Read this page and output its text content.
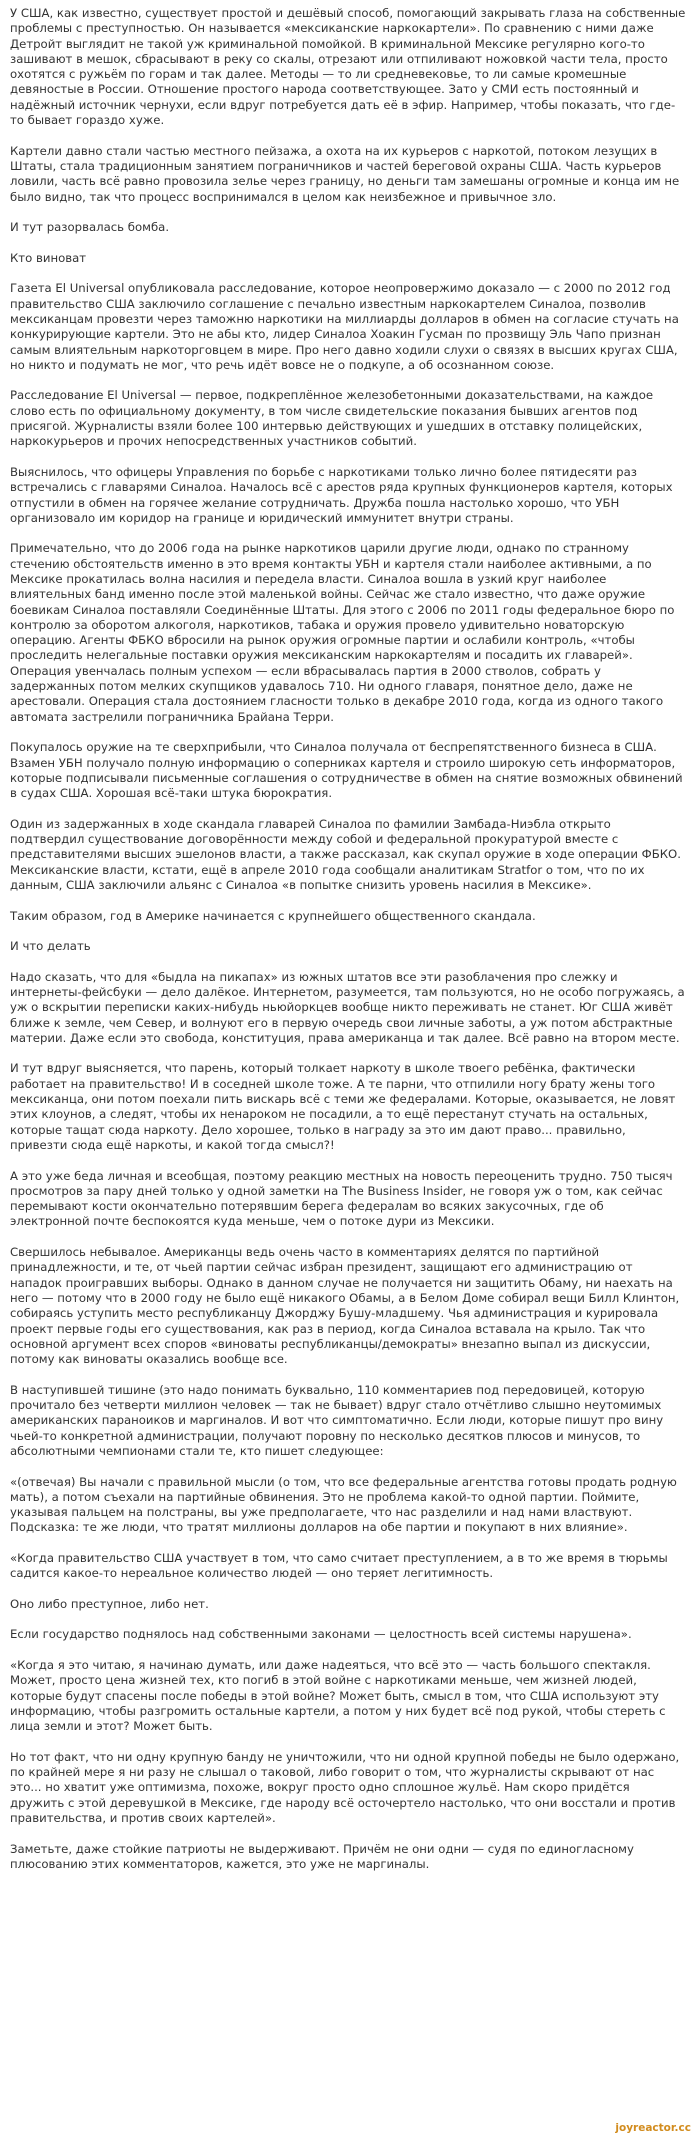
У США, как известно, существует простой и дешёвый способ, помогающий закрывать глаза на собственные проблемы с преступностью. Он называется «мексиканские наркокартели». По сравнению с ними даже Детройт выглядит не такой уж криминальной помойкой. В криминальной Мексике регулярно кого-то зашивают в мешок, сбрасывают в реку со скалы, отрезают или отпиливают ножовкой части тела, просто охотятся с ружьём по горам и так далее. Методы — то ли средневековье, то ли самые кромешные девяностые в России. Отношение простого народа соответствующее. Зато у СМИ есть постоянный и надёжный источник чернухи, если вдруг потребуется дать её в эфир. Например, чтобы показать, что где-то бывает гораздо хуже.

Картели давно стали частью местного пейзажа, а охота на их курьеров с наркотой, потоком лезущих в Штаты, стала традиционным занятием пограничников и частей береговой охраны США. Часть курьеров ловили, часть всё равно провозила зелье через границу, но деньги там замешаны огромные и конца им не было видно, так что процесс воспринимался в целом как неизбежное и привычное зло.

И тут разорвалась бомба.

Кто виноват

Газета El Universal опубликовала расследование, которое неопровержимо доказало — с 2000 по 2012 год правительство США заключило соглашение с печально известным наркокартелем Синалоа, позволив мексиканцам провезти через таможню наркотики на миллиарды долларов в обмен на согласие стучать на конкурирующие картели. Это не абы кто, лидер Синалоа Хоакин Гусман по прозвищу Эль Чапо признан самым влиятельным наркоторговцем в мире. Про него давно ходили слухи о связях в высших кругах США, но никто и подумать не мог, что речь идёт вовсе не о подкупе, а об осознанном союзе.

Расследование El Universal — первое, подкреплённое железобетонными доказательствами, на каждое слово есть по официальному документу, в том числе свидетельские показания бывших агентов под присягой. Журналисты взяли более 100 интервью действующих и ушедших в отставку полицейских, наркокурьеров и прочих непосредственных участников событий.

Выяснилось, что офицеры Управления по борьбе с наркотиками только лично более пятидесяти раз встречались с главарями Синалоа. Началось всё с арестов ряда крупных функционеров картеля, которых отпустили в обмен на горячее желание сотрудничать. Дружба пошла настолько хорошо, что УБН организовало им коридор на границе и юридический иммунитет внутри страны.

Примечательно, что до 2006 года на рынке наркотиков царили другие люди, однако по странному стечению обстоятельств именно в это время контакты УБН и картеля стали наиболее активными, а по Мексике прокатилась волна насилия и передела власти. Синалоа вошла в узкий круг наиболее влиятельных банд именно после этой маленькой войны. Сейчас же стало известно, что даже оружие боевикам Синалоа поставляли Соединённые Штаты. Для этого с 2006 по 2011 годы федеральное бюро по контролю за оборотом алкоголя, наркотиков, табака и оружия провело удивительно новаторскую операцию. Агенты ФБКО вбросили на рынок оружия огромные партии и ослабили контроль, «чтобы проследить нелегальные поставки оружия мексиканским наркокартелям и посадить их главарей». Операция увенчалась полным успехом — если вбрасывалась партия в 2000 стволов, собрать у задержанных потом мелких скупщиков удавалось 710. Ни одного главаря, понятное дело, даже не арестовали. Операция стала достоянием гласности только в декабре 2010 года, когда из одного такого автомата застрелили пограничника Брайана Терри.

Покупалось оружие на те сверхприбыли, что Синалоа получала от беспрепятственного бизнеса в США. Взамен УБН получало полную информацию о соперниках картеля и строило широкую сеть информаторов, которые подписывали письменные соглашения о сотрудничестве в обмен на снятие возможных обвинений в судах США. Хорошая всё-таки штука бюрократия.

Один из задержанных в ходе скандала главарей Синалоа по фамилии Замбада-Ниэбла открыто подтвердил существование договорённости между собой и федеральной прокуратурой вместе с представителями высших эшелонов власти, а также рассказал, как скупал оружие в ходе операции ФБКО. Мексиканские власти, кстати, ещё в апреле 2010 года сообщали аналитикам Stratfor о том, что по их данным, США заключили альянс с Синалоа «в попытке снизить уровень насилия в Мексике».

Таким образом, год в Америке начинается с крупнейшего общественного скандала.

И что делать

Надо сказать, что для «быдла на пикапах» из южных штатов все эти разоблачения про слежку и интернеты-фейсбуки — дело далёкое. Интернетом, разумеется, там пользуются, но не особо погружаясь, а уж о вскрытии переписки каких-нибудь ньюйоркцев вообще никто переживать не станет. Юг США живёт ближе к земле, чем Север, и волнуют его в первую очередь свои личные заботы, а уж потом абстрактные материи. Даже если это свобода, конституция, права американца и так далее. Всё равно на втором месте.

И тут вдруг выясняется, что парень, который толкает наркоту в школе твоего ребёнка, фактически работает на правительство! И в соседней школе тоже. А те парни, что отпилили ногу брату жены того мексиканца, они потом поехали пить вискарь всё с теми же федералами. Которые, оказывается, не ловят этих клоунов, а следят, чтобы их ненароком не посадили, а то ещё перестанут стучать на остальных, которые тащат сюда наркоту. Дело хорошее, только в награду за это им дают право... правильно, привезти сюда ещё наркоты, и какой тогда смысл?!

А это уже беда личная и всеобщая, поэтому реакцию местных на новость переоценить трудно. 750 тысяч просмотров за пару дней только у одной заметки на The Business Insider, не говоря уж о том, как сейчас перемывают кости окончательно потерявшим берега федералам во всяких закусочных, где об электронной почте беспокоятся куда меньше, чем о потоке дури из Мексики.

Свершилось небывалое. Американцы ведь очень часто в комментариях делятся по партийной принадлежности, и те, от чьей партии сейчас избран президент, защищают его администрацию от нападок проигравших выборы. Однако в данном случае не получается ни защитить Обаму, ни наехать на него — потому что в 2000 году не было ещё никакого Обамы, а в Белом Доме собирал вещи Билл Клинтон, собираясь уступить место республиканцу Джорджу Бушу-младшему. Чья администрация и курировала проект первые годы его существования, как раз в период, когда Синалоа вставала на крыло. Так что основной аргумент всех споров «виноваты республиканцы/демократы» внезапно выпал из дискуссии, потому как виноваты оказались вообще все.

В наступившей тишине (это надо понимать буквально, 110 комментариев под передовицей, которую прочитало без четверти миллион человек — так не бывает) вдруг стало отчётливо слышно неутомимых американских параноиков и маргиналов. И вот что симптоматично. Если люди, которые пишут про вину чьей-то конкретной администрации, получают поровну по несколько десятков плюсов и минусов, то абсолютными чемпионами стали те, кто пишет следующее:

«(отвечая) Вы начали с правильной мысли (о том, что все федеральные агентства готовы продать родную мать), а потом съехали на партийные обвинения. Это не проблема какой-то одной партии. Поймите, указывая пальцем на полстраны, вы уже предполагаете, что нас разделили и над нами властвуют. Подсказка: те же люди, что тратят миллионы долларов на обе партии и покупают в них влияние».

«Когда правительство США участвует в том, что само считает преступлением, а в то же время в тюрьмы садится какое-то нереальное количество людей — оно теряет легитимность.

Оно либо преступное, либо нет.

Если государство поднялось над собственными законами — целостность всей системы нарушена».

«Когда я это читаю, я начинаю думать, или даже надеяться, что всё это — часть большого спектакля. Может, просто цена жизней тех, кто погиб в этой войне с наркотиками меньше, чем жизней людей, которые будут спасены после победы в этой войне? Может быть, смысл в том, что США используют эту информацию, чтобы разгромить остальные картели, а потом у них будет всё под рукой, чтобы стереть с лица земли и этот? Может быть.

Но тот факт, что ни одну крупную банду не уничтожили, что ни одной крупной победы не было одержано, по крайней мере я ни разу не слышал о таковой, либо говорит о том, что журналисты скрывают от нас это... но хватит уже оптимизма, похоже, вокруг просто одно сплошное жульё. Нам скоро придётся дружить с этой деревушкой в Мексике, где народу всё осточертело настолько, что они восстали и против правительства, и против своих картелей».

Заметьте, даже стойкие патриоты не выдерживают. Причём не они одни — судя по единогласному плюсованию этих комментаторов, кажется, это уже не маргиналы.

joyreactor.cc
